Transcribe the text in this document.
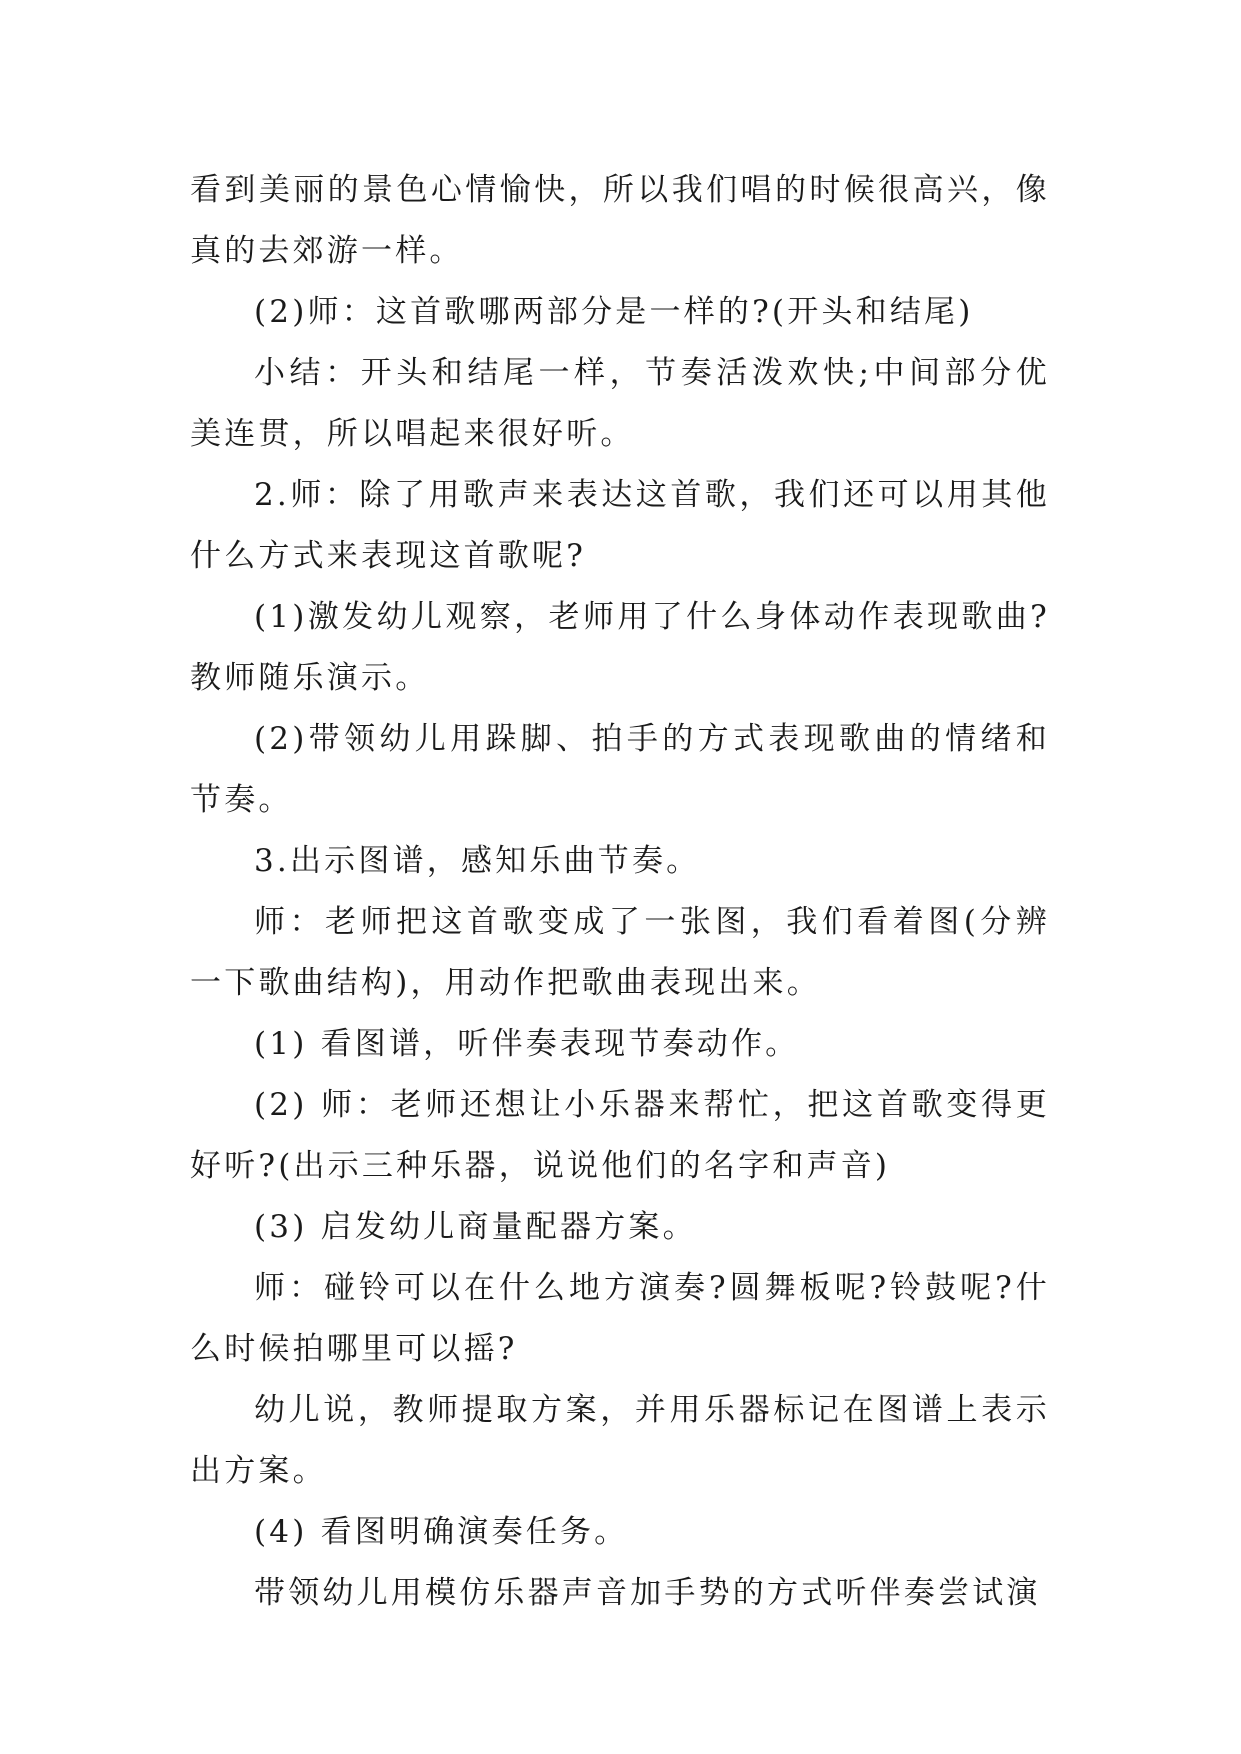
看到美丽的景色心情愉快，所以我们唱的时候很高兴，像真的去郊游一样。

(2)师：这首歌哪两部分是一样的?(开头和结尾)

小结：开头和结尾一样，节奏活泼欢快;中间部分优美连贯，所以唱起来很好听。

2.师：除了用歌声来表达这首歌，我们还可以用其他什么方式来表现这首歌呢?

(1)激发幼儿观察，老师用了什么身体动作表现歌曲?教师随乐演示。

(2)带领幼儿用跺脚、拍手的方式表现歌曲的情绪和节奏。

3.出示图谱，感知乐曲节奏。

师：老师把这首歌变成了一张图，我们看着图(分辨一下歌曲结构)，用动作把歌曲表现出来。

(1) 看图谱，听伴奏表现节奏动作。

(2) 师：老师还想让小乐器来帮忙，把这首歌变得更好听?(出示三种乐器，说说他们的名字和声音)

(3) 启发幼儿商量配器方案。

师：碰铃可以在什么地方演奏?圆舞板呢?铃鼓呢?什么时候拍哪里可以摇?

幼儿说，教师提取方案，并用乐器标记在图谱上表示出方案。

(4) 看图明确演奏任务。

带领幼儿用模仿乐器声音加手势的方式听伴奏尝试演
